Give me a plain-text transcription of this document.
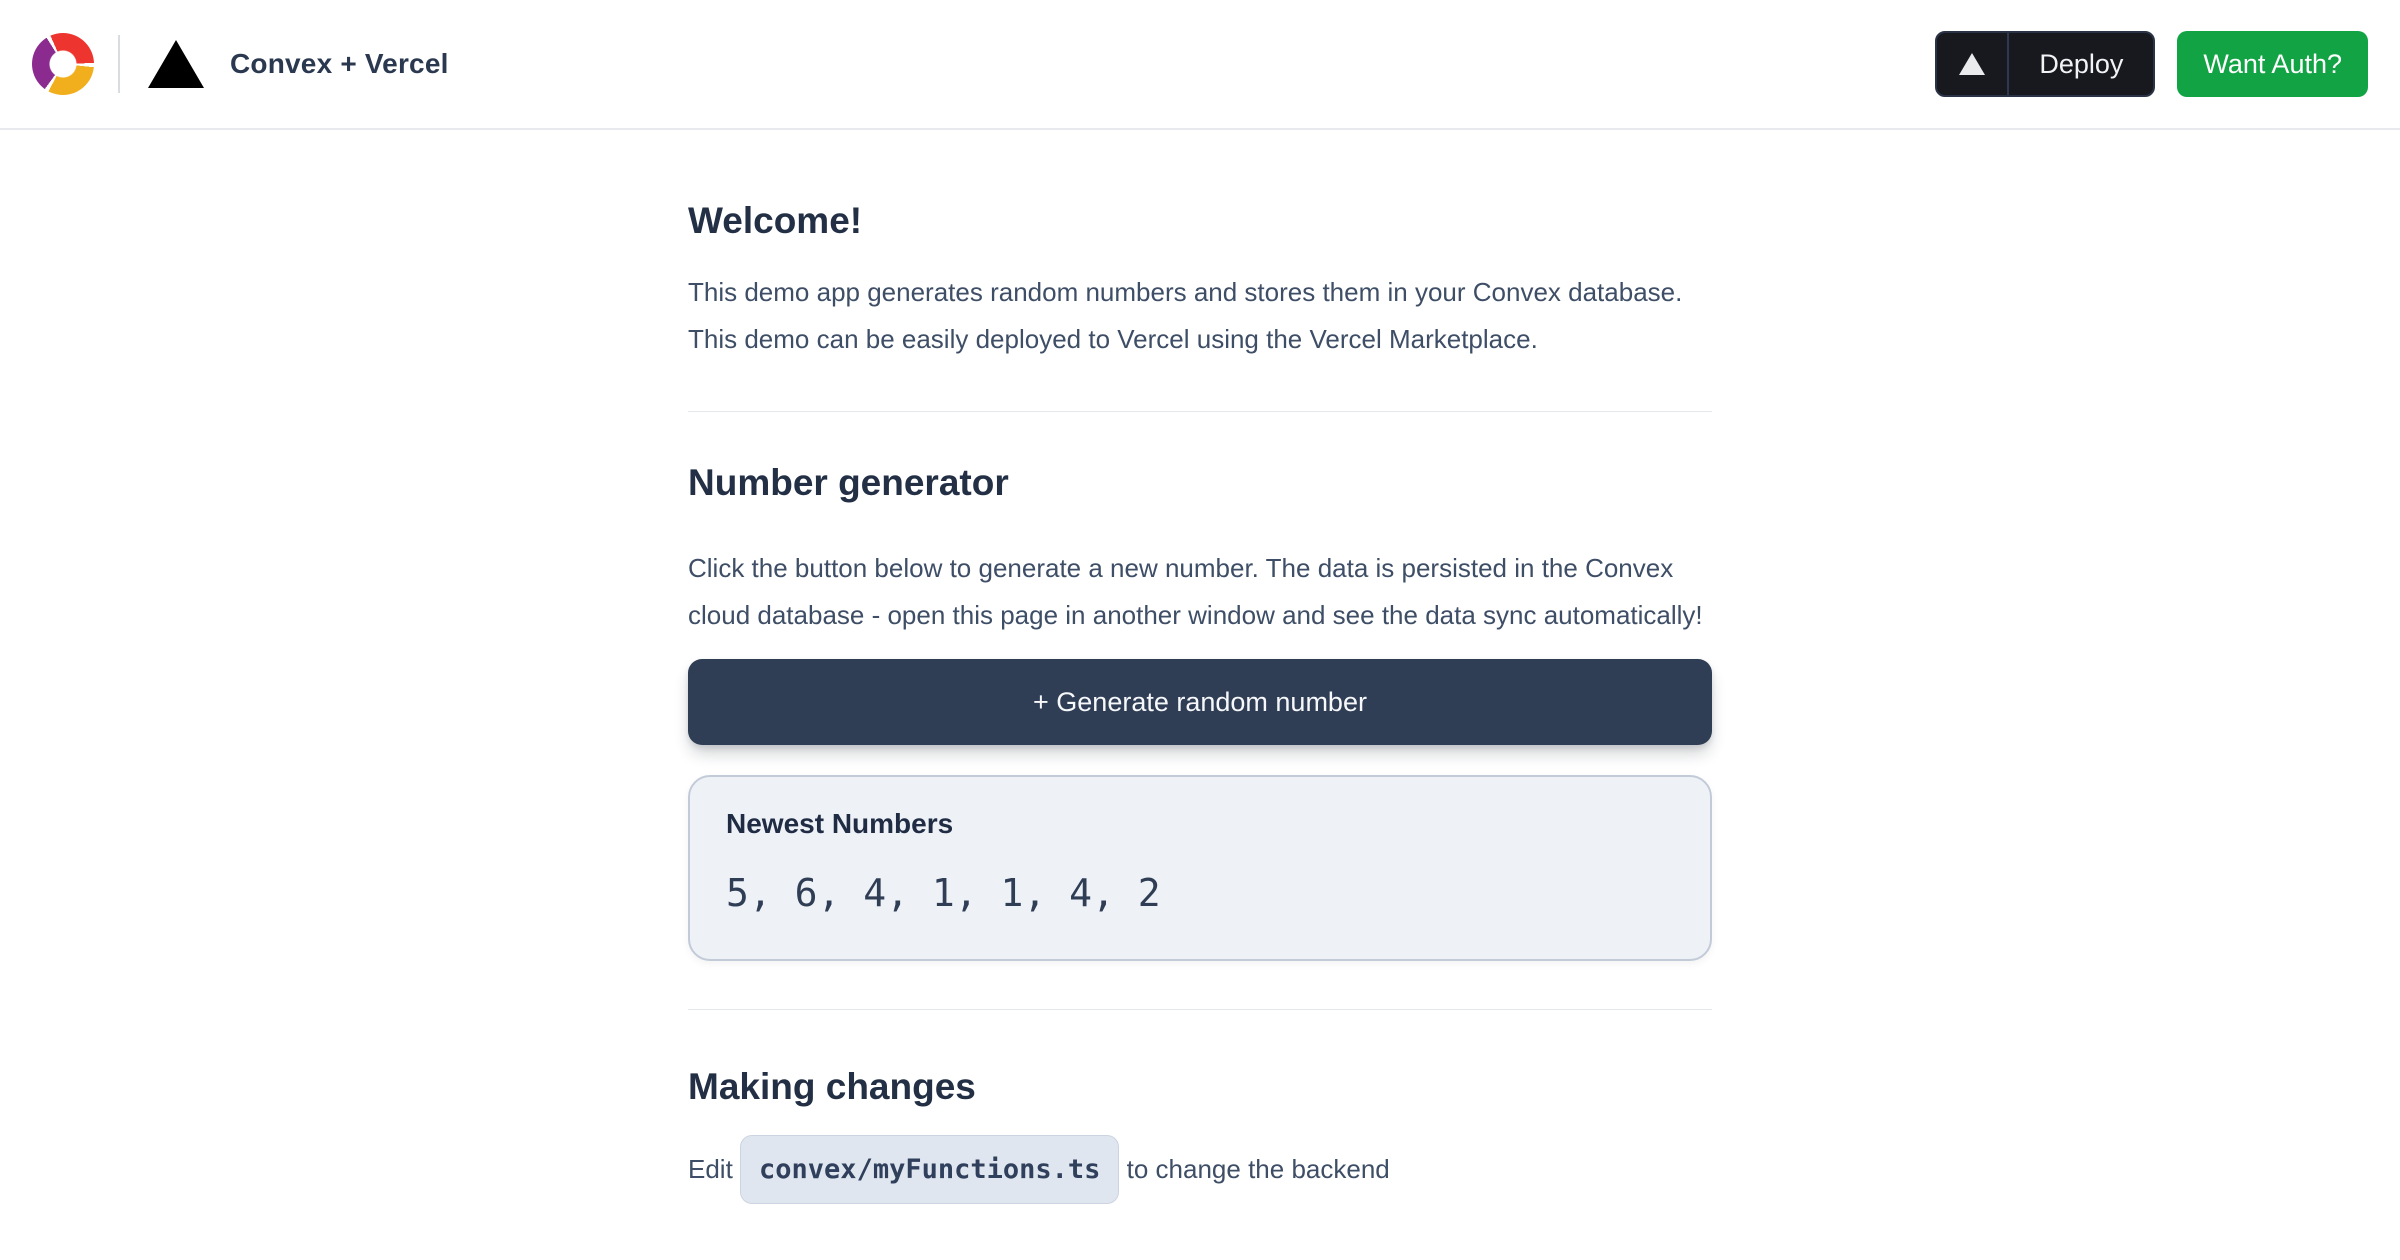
Convex + Vercel	Deploy	Want Auth?
Welcome!

This demo app generates random numbers and stores them in your Convex database. This demo can be easily deployed to Vercel using the Vercel Marketplace.

Number generator

Click the button below to generate a new number. The data is persisted in the Convex cloud database - open this page in another window and see the data sync automatically!

+ Generate random number
Newest Numbers
5, 6, 4, 1, 1, 4, 2
Making changes

Edit convex/myFunctions.ts to change the backend
